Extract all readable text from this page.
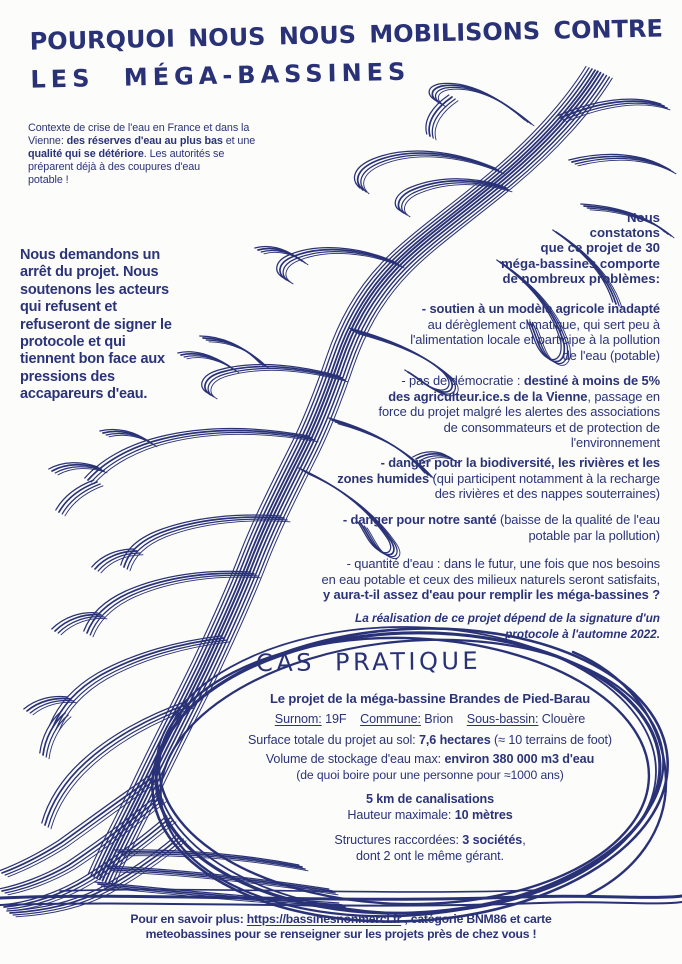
POURQUOI NOUS NOUS MOBILISONS CONTRE
LES MÉGA-BASSINES

Contexte de crise de l'eau en France et dans la
Vienne: des réserves d'eau au plus bas et une
qualité qui se détériore. Les autorités se
préparent déjà à des coupures d'eau
potable !

Nous demandons un
arrêt du projet. Nous
soutenons les acteurs
qui refusent et
refuseront de signer le
protocole et qui
tiennent bon face aux
pressions des
accapareurs d'eau.

Nous
constatons
que ce projet de 30
méga-bassines comporte
de nombreux problèmes:

- soutien à un modèle agricole inadapté
au dérèglement climatique, qui sert peu à
l'alimentation locale et participe à la pollution
de l'eau (potable)

- pas de démocratie : destiné à moins de 5%
des agriculteur.ice.s de la Vienne, passage en
force du projet malgré les alertes des associations
de consommateurs et de protection de
l'environnement

- danger pour la biodiversité, les rivières et les
zones humides (qui participent notamment à la recharge
des rivières et des nappes souterraines)

- danger pour notre santé (baisse de la qualité de l'eau
potable par la pollution)

- quantité d'eau : dans le futur, une fois que nos besoins
en eau potable et ceux des milieux naturels seront satisfaits,
y aura-t-il assez d'eau pour remplir les méga-bassines ?

La réalisation de ce projet dépend de la signature d'un
protocole à l'automne 2022.

CAS PRATIQUE
Le projet de la méga-bassine Brandes de Pied-Barau
Surnom: 19F    Commune: Brion    Sous-bassin: Clouère
Surface totale du projet au sol: 7,6 hectares (≈ 10 terrains de foot)
Volume de stockage d'eau max: environ 380 000 m3 d'eau
(de quoi boire pour une personne pour ≈1000 ans)
5 km de canalisations
Hauteur maximale: 10 mètres
Structures raccordées: 3 sociétés,
dont 2 ont le même gérant.

Pour en savoir plus: https://bassinesnonmerci.fr , catégorie BNM86 et carte
meteobassines pour se renseigner sur les projets près de chez vous !
